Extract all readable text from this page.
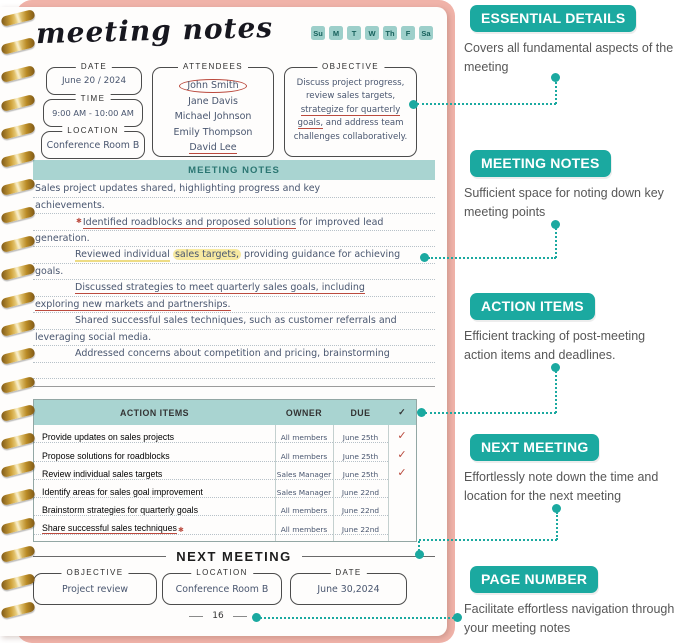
meeting notes	Su	M	T	W	Th	F	Sa
DATE
June 20 / 2024
TIME
9:00 AM - 10:00 AM
LOCATION
Conference Room B
ATTENDEES
John Smith
Jane Davis
Michael Johnson
Emily Thompson
David Lee
OBJECTIVE
Discuss project progress, review sales targets, strategize for quarterly goals, and address team challenges collaboratively.
MEETING NOTES
Sales project updates shared, highlighting progress and key
achievements.
✱Identified roadblocks and proposed solutions for improved lead
generation.
Reviewed individual sales targets, providing guidance for achieving
goals.
Discussed strategies to meet quarterly sales goals, including
exploring new markets and partnerships.
Shared successful sales techniques, such as customer referrals and
leveraging social media.
Addressed concerns about competition and pricing, brainstorming
ACTION ITEMS	OWNER	DUE	✓
Provide updates on sales projects	All members	June 25th	✓
Propose solutions for roadblocks	All members	June 25th	✓
Review individual sales targets	Sales Manager	June 25th	✓
Identify areas for sales goal improvement	Sales Manager	June 22nd
Brainstorm strategies for quarterly goals	All members	June 22nd
Share successful sales techniques ✱	All members	June 22nd
NEXT MEETING
OBJECTIVE
Project review
LOCATION
Conference Room B
DATE
June 30,2024
16
ESSENTIAL DETAILS
Covers all fundamental aspects of the meeting
MEETING NOTES
Sufficient space for noting down key meeting points
ACTION ITEMS
Efficient tracking of post-meeting action items and deadlines.
NEXT MEETING
Effortlessly note down the time and location for the next meeting
PAGE NUMBER
Facilitate effortless navigation through your meeting notes
